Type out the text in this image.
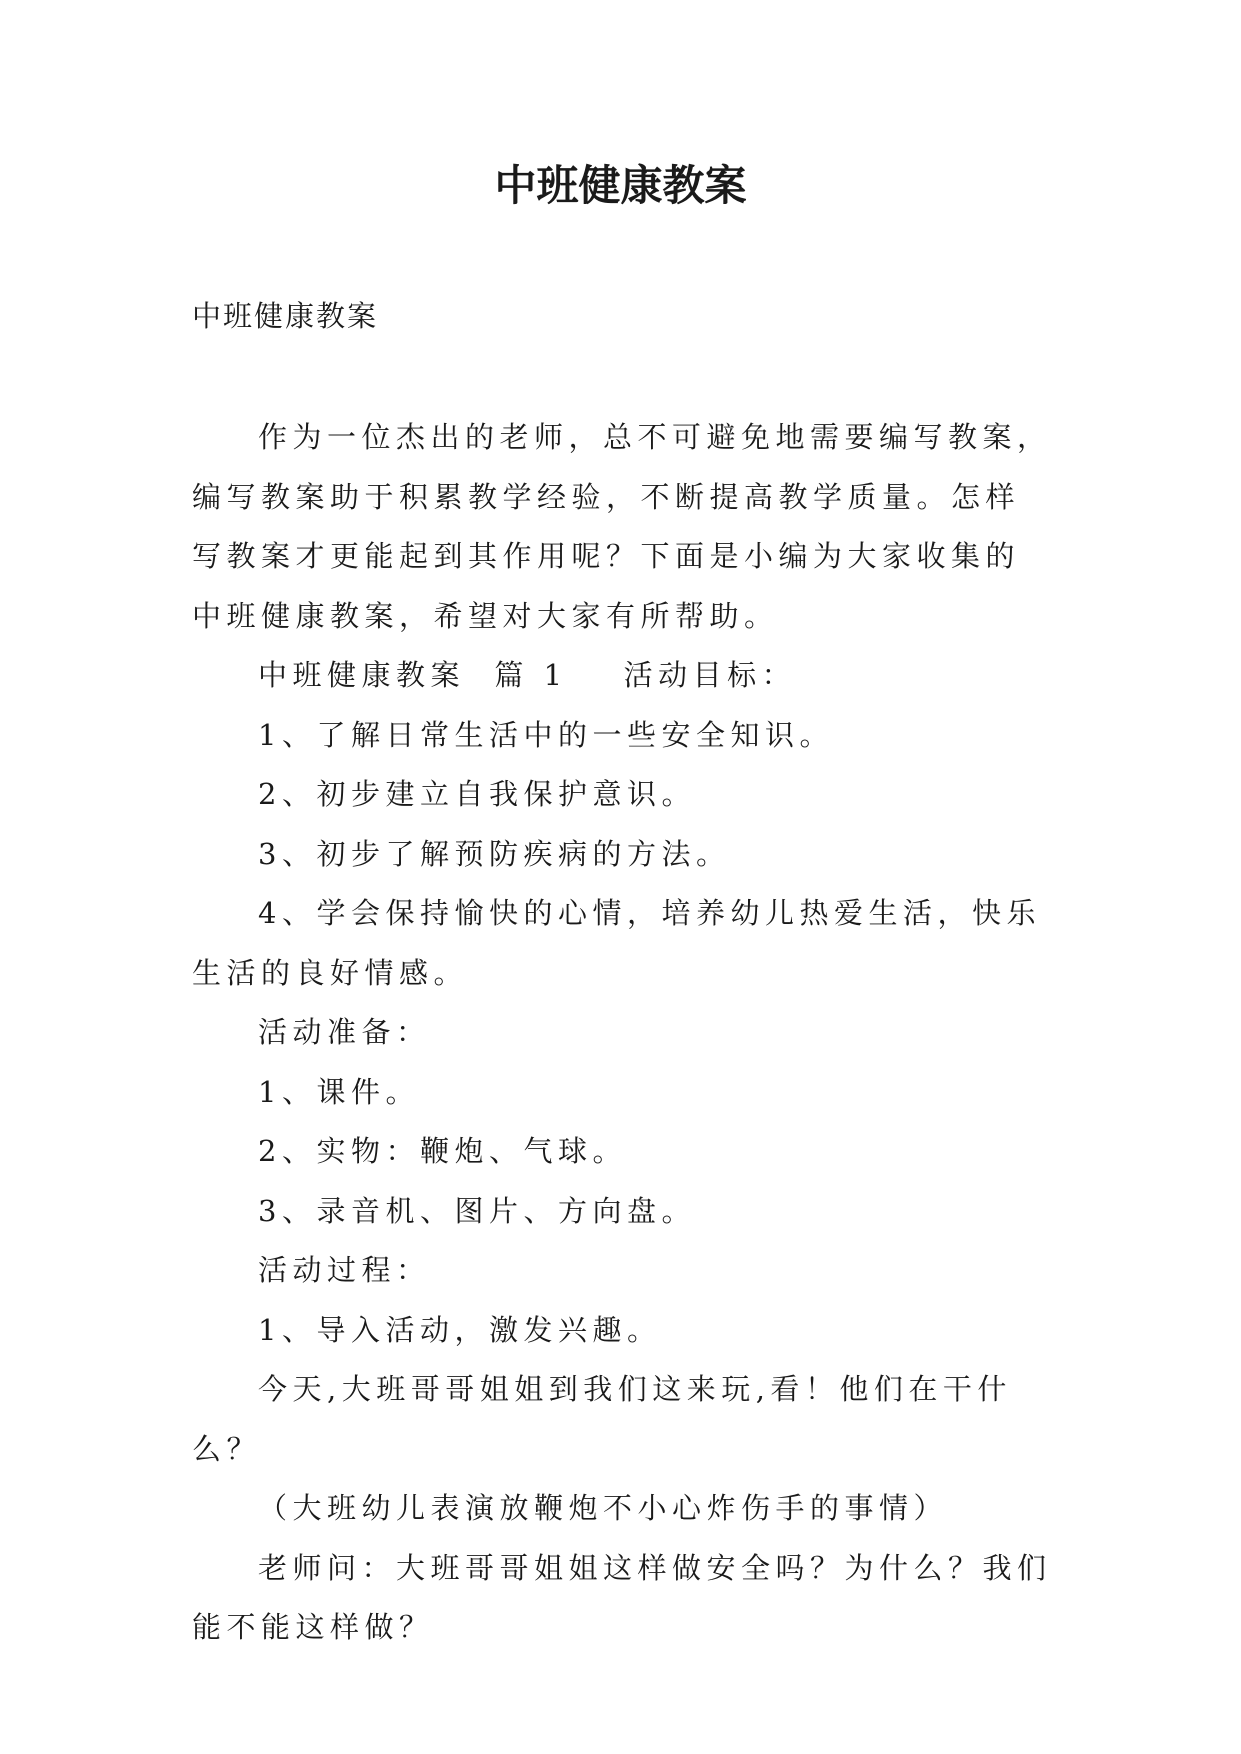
中班健康教案

中班健康教案

作为一位杰出的老师，总不可避免地需要编写教案，编写教案助于积累教学经验，不断提高教学质量。怎样写教案才更能起到其作用呢？下面是小编为大家收集的中班健康教案，希望对大家有所帮助。

中班健康教案  篇 1 活动目标：

1、了解日常生活中的一些安全知识。

2、初步建立自我保护意识。

3、初步了解预防疾病的方法。

4、学会保持愉快的心情，培养幼儿热爱生活，快乐生活的良好情感。

活动准备：

1、课件。

2、实物：鞭炮、气球。

3、录音机、图片、方向盘。

活动过程：

1、导入活动，激发兴趣。

今天,大班哥哥姐姐到我们这来玩,看！他们在干什么？

（大班幼儿表演放鞭炮不小心炸伤手的事情）

老师问：大班哥哥姐姐这样做安全吗？为什么？我们能不能这样做？
